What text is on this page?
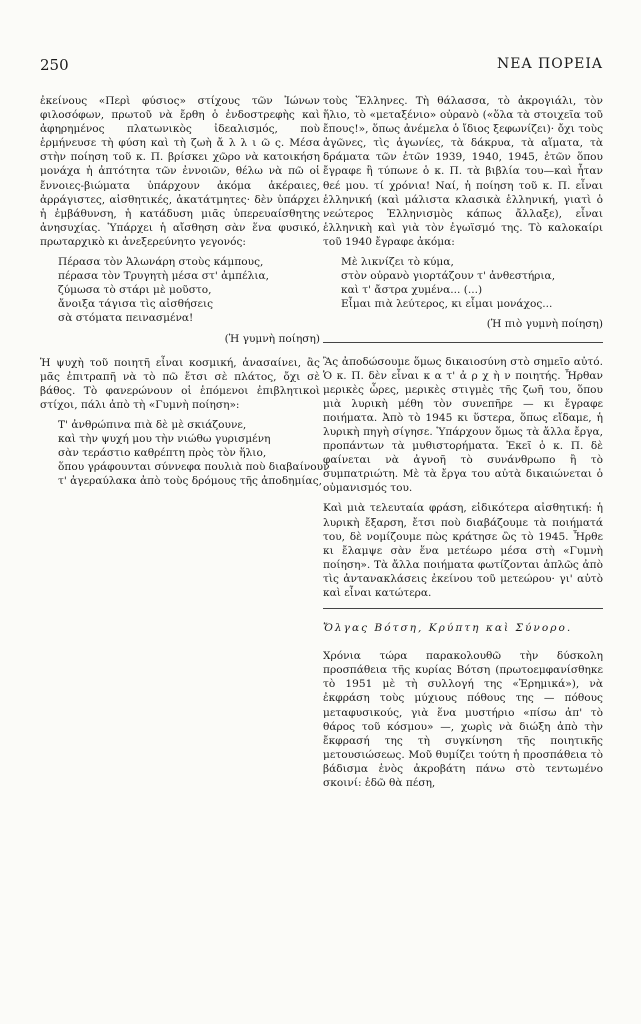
250	ΝΕΑ ΠΟΡΕΙΑ

ἐκείνους «Περὶ φύσιος» στίχους τῶν Ἰώνων φιλοσόφων, πρωτοῦ νὰ ἔρθη ὁ ἐνδοστρεφὴς καὶ ἀφηρημένος πλατωνικὸς ἰδεαλισμός, ποὺ ἑρμήνευσε τὴ φύση καὶ τὴ ζωὴ ἄ λ λ ι ῶ ς. Μέσα στὴν ποίηση τοῦ κ. Π. βρίσκει χῶρο νὰ κατοικήση μονάχα ἡ ἀπτότητα τῶν ἐννοιῶν, θέλω νὰ πῶ οἱ ἔννοιες-βιώματα ὑπάρχουν ἀκόμα ἀκέραιες, ἀρράγιστες, αἰσθητικές, ἀκατάτμητες· δὲν ὑπάρχει ἡ ἐμβάθυνση, ἡ κατάδυση μιᾶς ὑπερευαίσθητης ἀνησυχίας. Ὑπάρχει ἡ αἴσθηση σὰν ἕνα φυσικό, πρωταρχικὸ κι ἀνεξερεύνητο γεγονός:

Πέρασα τὸν Ἁλωνάρη στοὺς κάμπους,
πέρασα τὸν Τρυγητὴ μέσα στ' ἀμπέλια,
ζύμωσα τὸ στάρι μὲ μοῦστο,
ἄνοιξα τάγισα τὶς αἰσθήσεις
σὰ στόματα πεινασμένα!
(Ἡ γυμνὴ ποίηση)

Ἡ ψυχὴ τοῦ ποιητῆ εἶναι κοσμική, ἀνασαίνει, ἂς μᾶς ἐπιτραπῆ νὰ τὸ πῶ ἔτσι σὲ πλάτος, ὄχι σὲ βάθος. Τὸ φανερώνουν οἱ ἑπόμενοι ἐπιβλητικοὶ στίχοι, πάλι ἀπὸ τὴ «Γυμνὴ ποίηση»:

Τ' ἀνθρώπινα πιὰ δὲ μὲ σκιάζουνε,
καὶ τὴν ψυχή μου τὴν νιώθω γυρισμένη
σὰν τεράστιο καθρέπτη πρὸς τὸν ἥλιο,
ὅπου γράφουνται σύννεφα πουλιὰ ποὺ διαβαίνουν
τ' ἀγεραύλακα ἀπὸ τοὺς δρόμους τῆς ἀποδημίας,

τοὺς Ἕλληνες. Τὴ θάλασσα, τὸ ἀκρογιάλι, τὸν ἥλιο, τὸ «μεταξένιο» οὐρανὸ («ὅλα τὰ στοιχεῖα τοῦ ἔπους!», ὅπως ἀνέμελα ὁ ἴδιος ξεφωνίζει)· ὄχι τοὺς ἀγῶνες, τὶς ἀγωνίες, τὰ δάκρυα, τὰ αἵματα, τὰ δράματα τῶν ἐτῶν 1939, 1940, 1945, ἐτῶν ὅπου ἔγραφε ἢ τύπωνε ὁ κ. Π. τὰ βιβλία του—καὶ ἦταν θεέ μου. τί χρόνια! Ναί, ἡ ποίηση τοῦ κ. Π. εἶναι ἑλληνική (καὶ μάλιστα κλασικὰ ἑλληνική, γιατὶ ὁ νεώτερος Ἑλληνισμὸς κάπως ἄλλαξε), εἶναι ἑλληνικὴ καὶ γιὰ τὸν ἐγωϊσμό της. Τὸ καλοκαίρι τοῦ 1940 ἔγραφε ἀκόμα:

Μὲ λικνίζει τὸ κύμα,
στὸν οὐρανὸ γιορτάζουν τ' ἀνθεστήρια,
καὶ τ' ἄστρα χυμένα... (...)
Εἶμαι πιὰ λεύτερος, κι εἶμαι μονάχος...
(Ἡ πιὸ γυμνὴ ποίηση)

Ἂς ἀποδώσουμε ὅμως δικαιοσύνη στὸ σημεῖο αὐτό. Ὁ κ. Π. δὲν εἶναι κ α τ' ἀ ρ χ ὴ ν ποιητής. Ἦρθαν μερικὲς ὧρες, μερικὲς στιγμὲς τῆς ζωῆ του, ὅπου μιὰ λυρικὴ μέθη τὸν συνεπῆρε — κι ἔγραφε ποιήματα. Ἀπὸ τὸ 1945 κι ὕστερα, ὅπως εἴδαμε, ἡ λυρικὴ πηγὴ σίγησε. Ὑπάρχουν ὅμως τὰ ἄλλα ἔργα, προπάντων τὰ μυθιστορήματα. Ἐκεῖ ὁ κ. Π. δὲ φαίνεται νὰ ἀγνοῆ τὸ συνάνθρωπο ἢ τὸ συμπατριώτη. Μὲ τὰ ἔργα του αὐτὰ δικαιώνεται ὁ οὑμανισμός του.

Καὶ μιὰ τελευταία φράση, εἰδικότερα αἰσθητική: ἡ λυρικὴ ἔξαρση, ἔτσι ποὺ διαβάζουμε τὰ ποιήματά του, δὲ νομίζουμε πὼς κράτησε ὣς τὸ 1945. Ἦρθε κι ἔλαμψε σὰν ἕνα μετέωρο μέσα στὴ «Γυμνὴ ποίηση». Τὰ ἄλλα ποιήματα φωτίζονται ἁπλῶς ἀπὸ τὶς ἀντανακλάσεις ἐκείνου τοῦ μετεώρου· γι' αὐτὸ καὶ εἶναι κατώτερα.

Ὄλγας Βότση, Κρύπτη καὶ Σύνορο.

Χρόνια τώρα παρακολουθῶ τὴν δύσκολη προσπάθεια τῆς κυρίας Βότση (πρωτοεμφανίσθηκε τὸ 1951 μὲ τὴ συλλογή της «Ἐρημικά»), νὰ ἐκφράση τοὺς μύχιους πόθους της — πόθους μεταφυσικούς, γιὰ ἕνα μυστήριο «πίσω ἀπ' τὸ θάρος τοῦ κόσμου» —, χωρὶς νὰ διώξη ἀπὸ τὴν ἔκφρασή της τὴ συγκίνηση τῆς ποιητικῆς μετουσιώσεως. Μοῦ θυμίζει τούτη ἡ προσπάθεια τὸ βάδισμα ἑνὸς ἀκροβάτη πάνω στὸ τεντωμένο σκοινί: ἐδῶ θὰ πέση,
